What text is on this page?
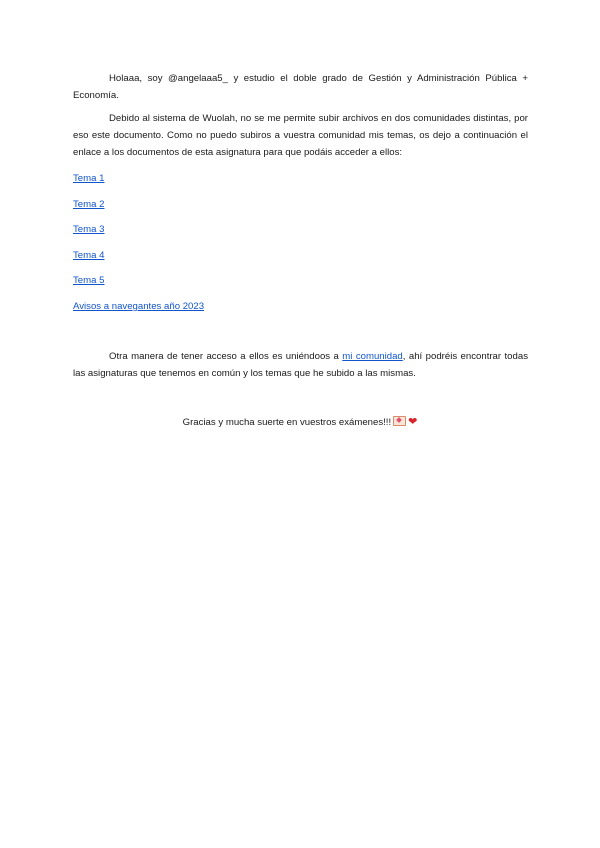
Holaaa, soy @angelaaa5_ y estudio el doble grado de Gestión y Administración Pública + Economía.

Debido al sistema de Wuolah, no se me permite subir archivos en dos comunidades distintas, por eso este documento. Como no puedo subiros a vuestra comunidad mis temas, os dejo a continuación el enlace a los documentos de esta asignatura para que podáis acceder a ellos:

Tema 1
Tema 2
Tema 3
Tema 4
Tema 5
Avisos a navegantes año 2023

Otra manera de tener acceso a ellos es uniéndoos a mi comunidad, ahí podréis encontrar todas las asignaturas que tenemos en común y los temas que he subido a las mismas.

Gracias y mucha suerte en vuestros exámenes!!! ❤
